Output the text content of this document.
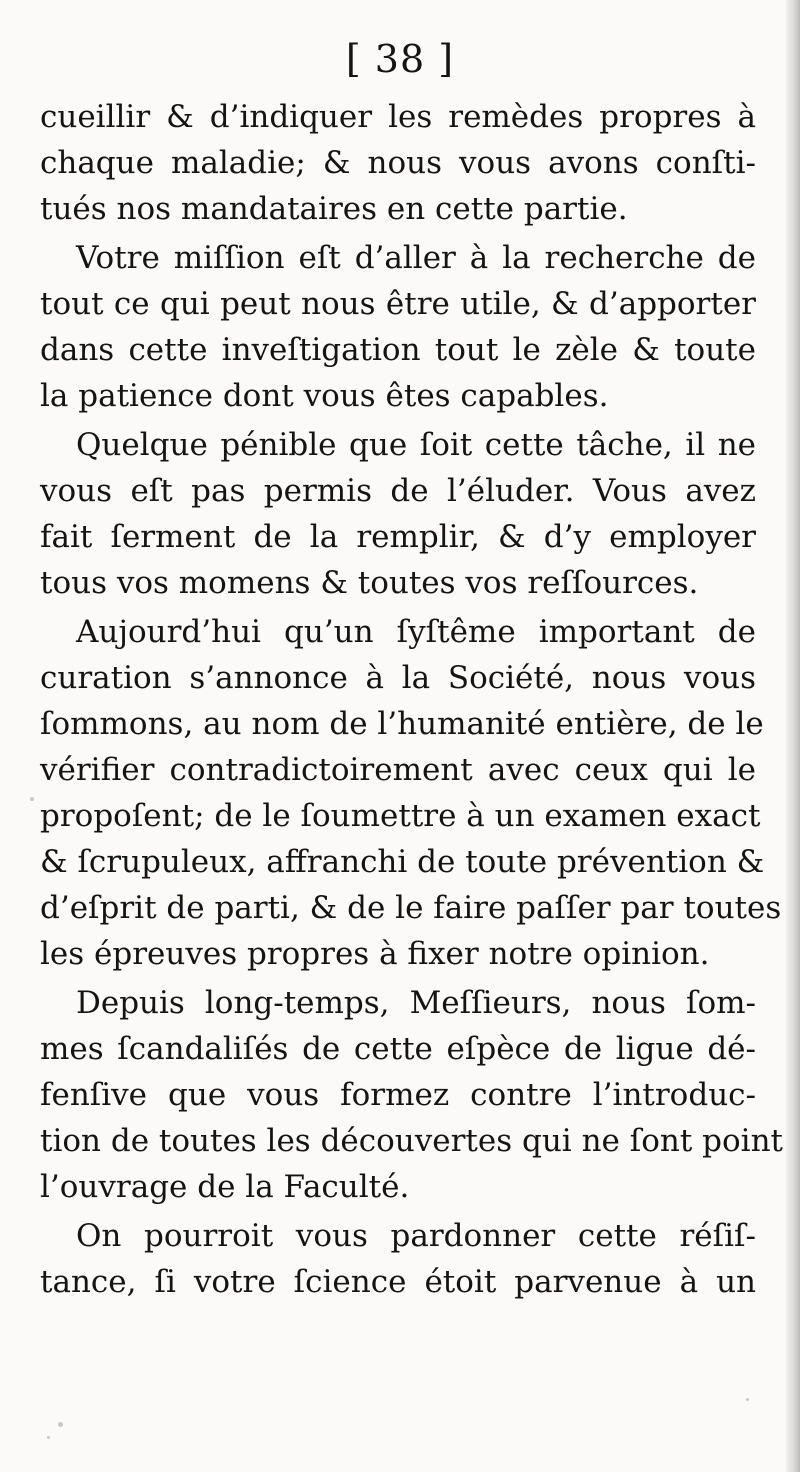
[ 38 ]
cueillir & d’indiquer les remèdes propres à
chaque maladie; & nous vous avons conſti-
tués nos mandataires en cette partie.
Votre miſſion eſt d’aller à la recherche de
tout ce qui peut nous être utile, & d’apporter
dans cette inveſtigation tout le zèle & toute
la patience dont vous êtes capables.
Quelque pénible que ſoit cette tâche, il ne
vous eſt pas permis de l’éluder. Vous avez
fait ſerment de la remplir, & d’y employer
tous vos momens & toutes vos reſſources.
Aujourd’hui qu’un ſyſtême important de
curation s’annonce à la Société, nous vous
ſommons, au nom de l’humanité entière, de le
vérifier contradictoirement avec ceux qui le
propoſent; de le ſoumettre à un examen exact
& ſcrupuleux, affranchi de toute prévention &
d’eſprit de parti, & de le faire paſſer par toutes
les épreuves propres à fixer notre opinion.
Depuis long-temps, Meſſieurs, nous ſom-
mes ſcandaliſés de cette eſpèce de ligue dé-
fenſive que vous formez contre l’introduc-
tion de toutes les découvertes qui ne ſont point
l’ouvrage de la Faculté.
On pourroit vous pardonner cette réſiſ-
tance, ſi votre ſcience étoit parvenue à un
